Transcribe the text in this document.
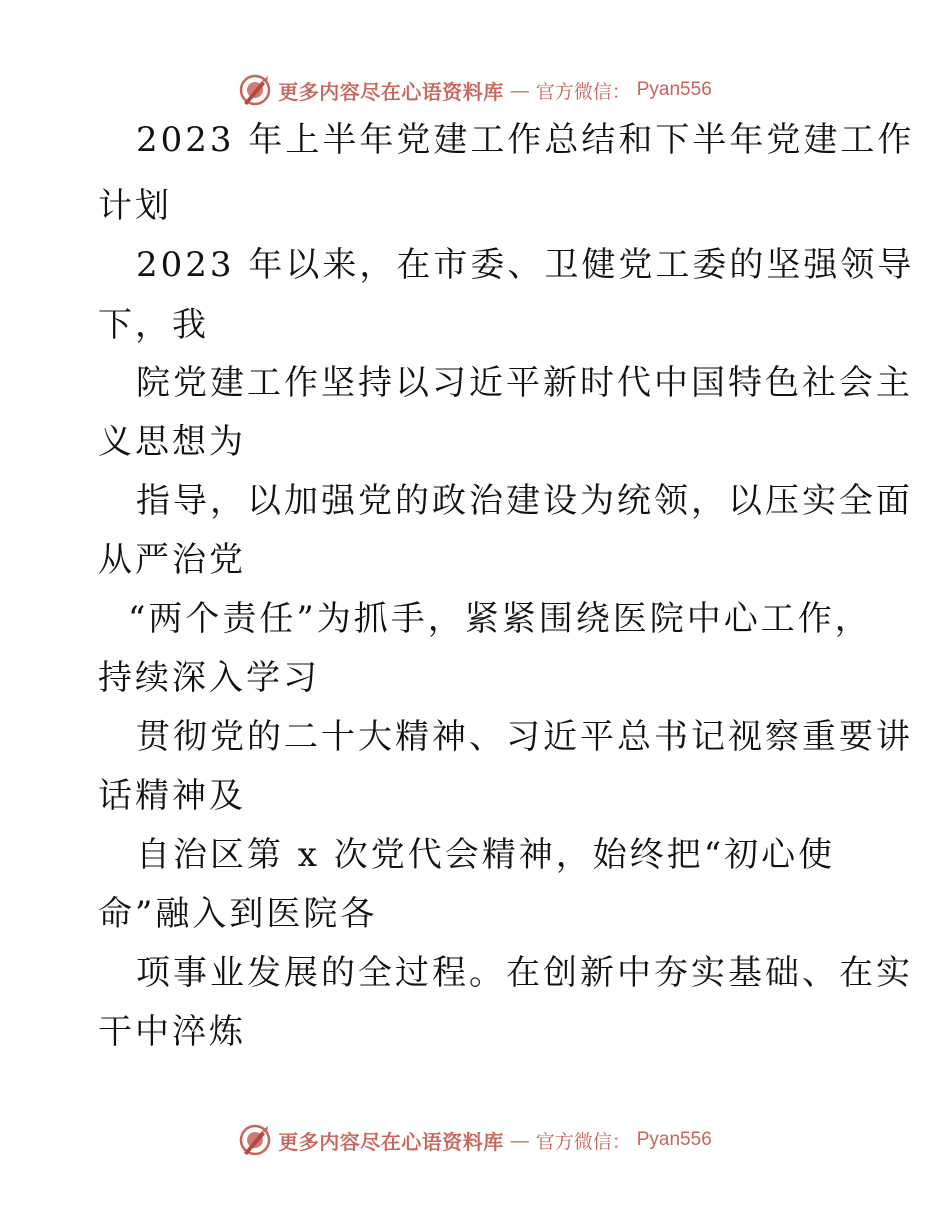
更多内容尽在心语资料库 — 官方微信： Pyan556
2023 年上半年党建工作总结和下半年党建工作
计划
2023 年以来，在市委、卫健党工委的坚强领导
下，我
院党建工作坚持以习近平新时代中国特色社会主
义思想为
指导，以加强党的政治建设为统领，以压实全面
从严治党
“两个责任”为抓手，紧紧围绕医院中心工作，
持续深入学习
贯彻党的二十大精神、习近平总书记视察重要讲
话精神及
自治区第 x 次党代会精神，始终把“初心使
命”融入到医院各
项事业发展的全过程。在创新中夯实基础、在实
干中淬炼
更多内容尽在心语资料库 — 官方微信： Pyan556
